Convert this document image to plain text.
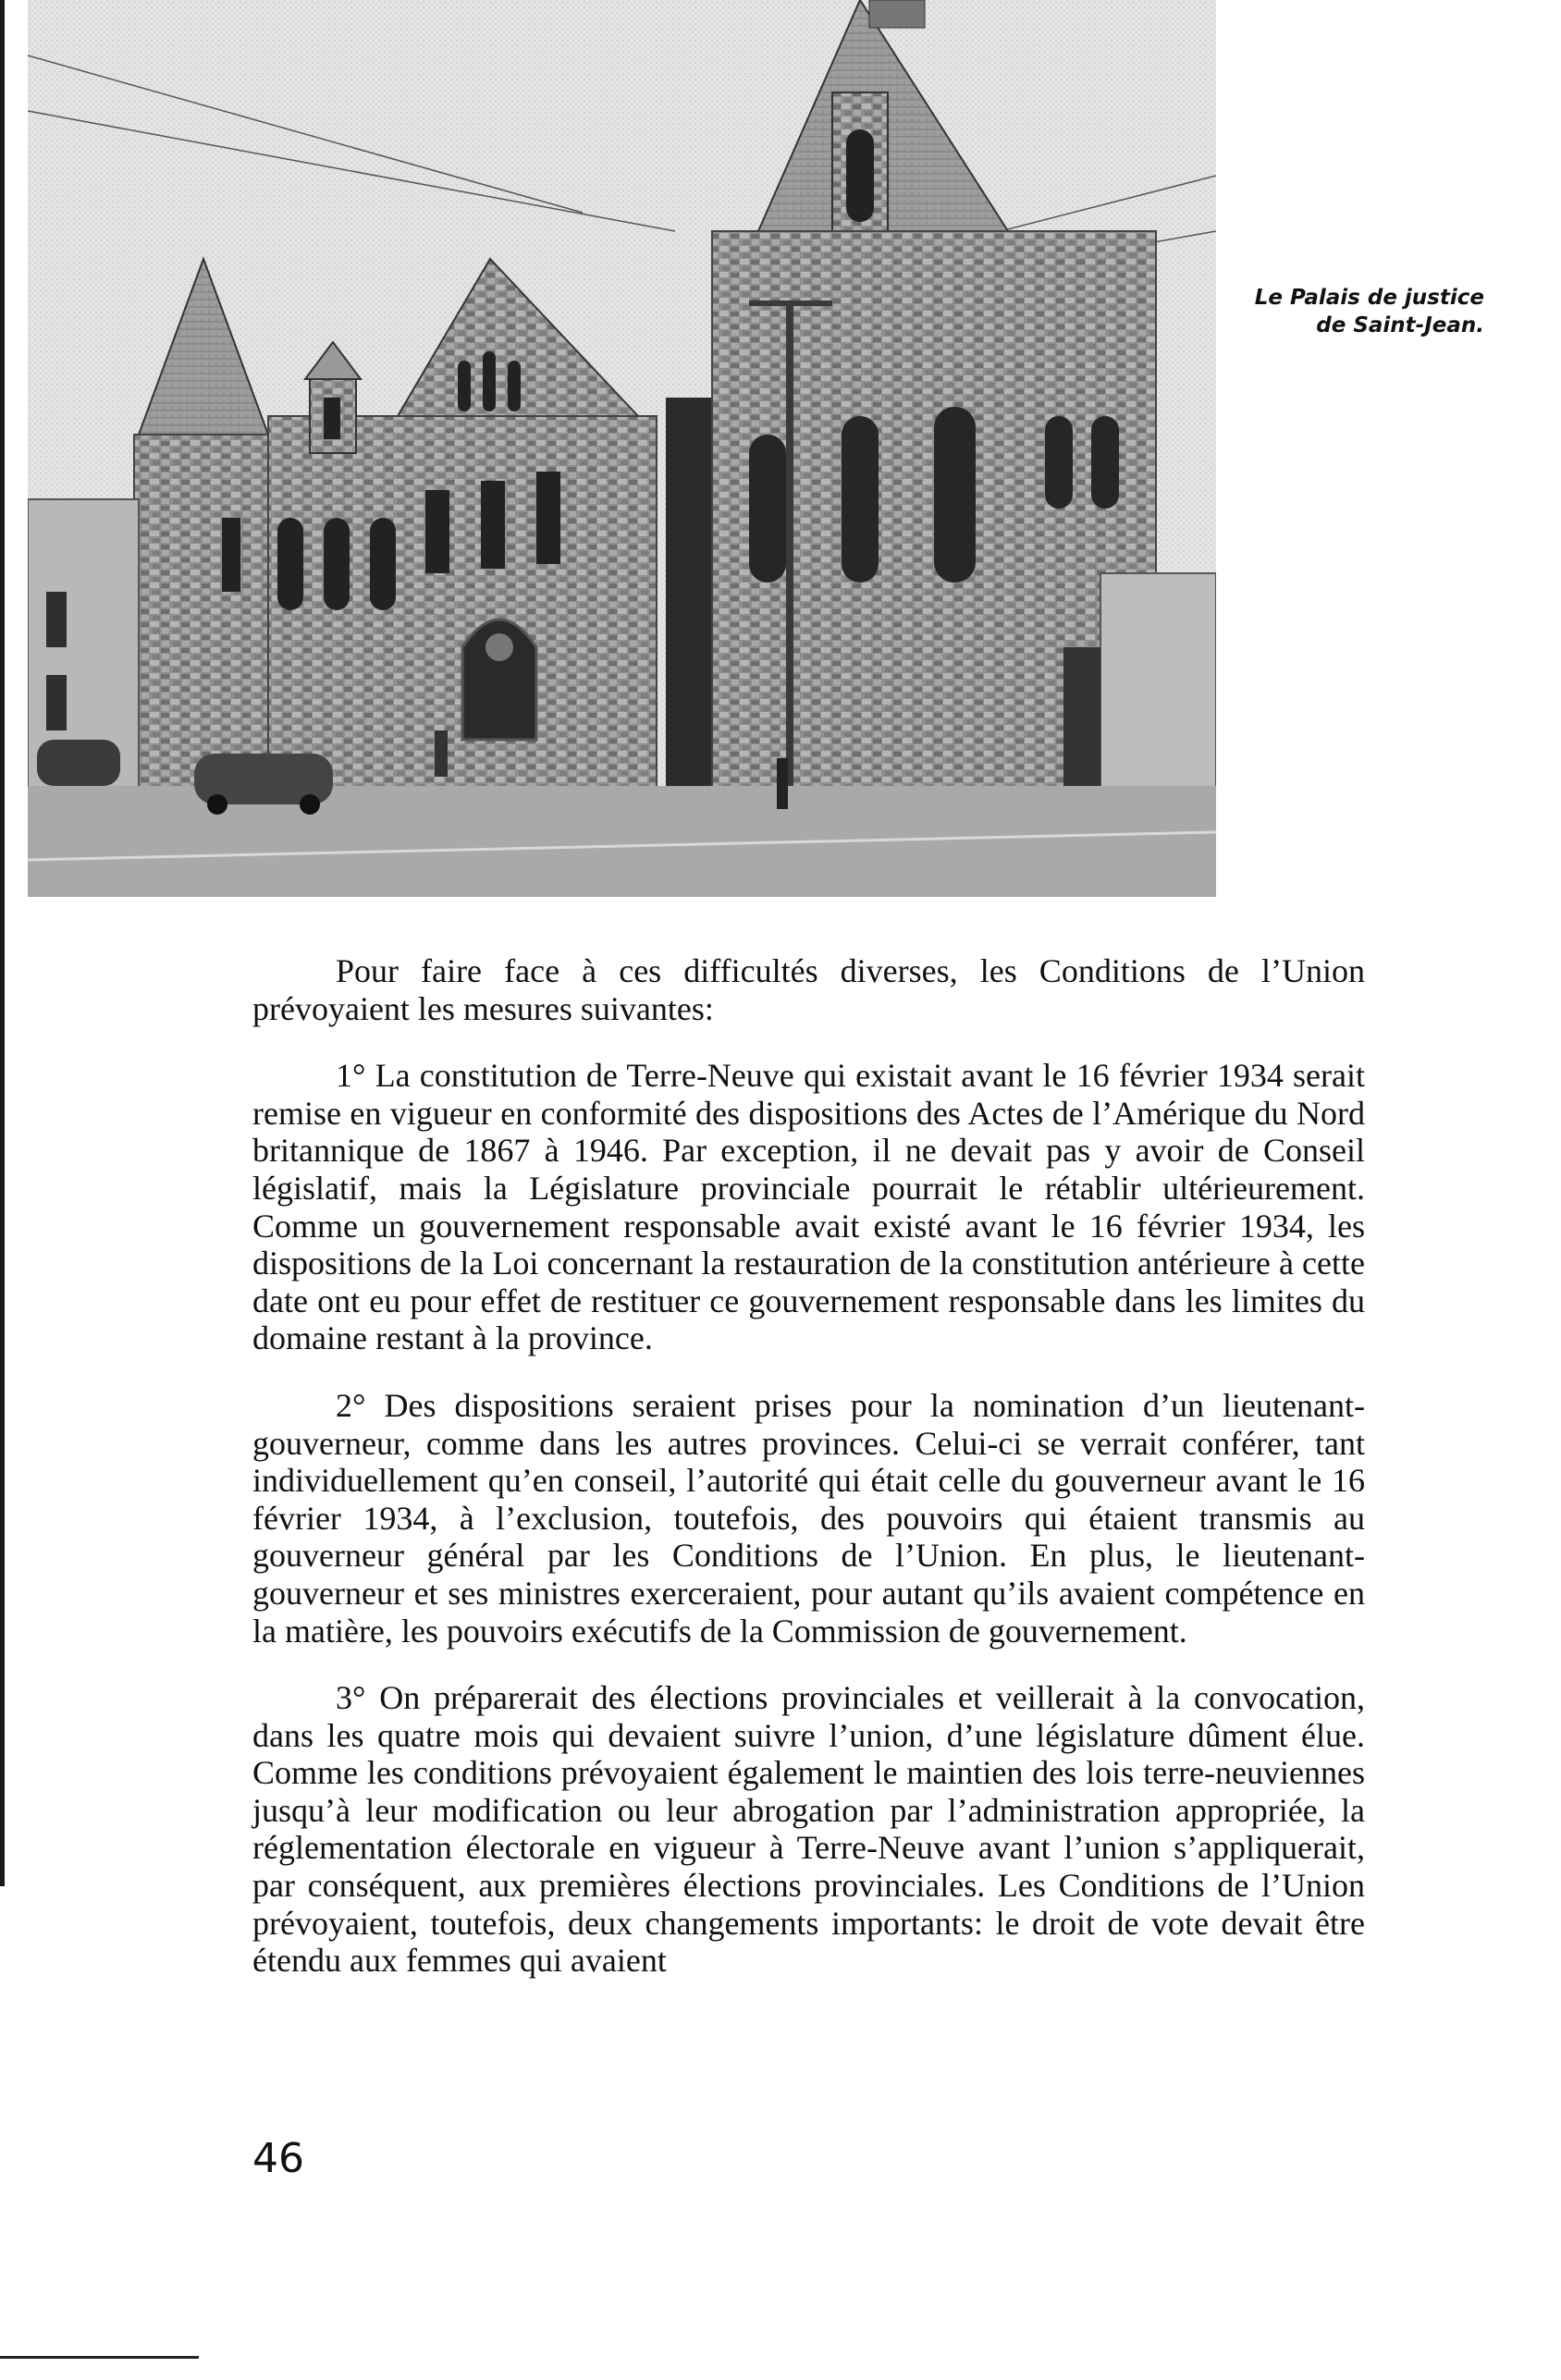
Le Palais de justice
de Saint-Jean.

Pour faire face à ces difficultés diverses, les Conditions de l’Union prévoyaient les mesures suivantes:

1° La constitution de Terre-Neuve qui existait avant le 16 février 1934 serait remise en vigueur en conformité des dispositions des Actes de l’Amérique du Nord britannique de 1867 à 1946. Par exception, il ne devait pas y avoir de Conseil législatif, mais la Législature provinciale pourrait le rétablir ultérieurement. Comme un gouvernement responsable avait existé avant le 16 février 1934, les dispositions de la Loi concernant la restauration de la constitution antérieure à cette date ont eu pour effet de restituer ce gouvernement responsable dans les limites du domaine restant à la province.

2° Des dispositions seraient prises pour la nomination d’un lieutenant-gouverneur, comme dans les autres provinces. Celui-ci se verrait conférer, tant individuellement qu’en conseil, l’autorité qui était celle du gouverneur avant le 16 février 1934, à l’exclusion, toutefois, des pouvoirs qui étaient transmis au gouverneur général par les Conditions de l’Union. En plus, le lieutenant-gouverneur et ses ministres exerceraient, pour autant qu’ils avaient compétence en la matière, les pouvoirs exécutifs de la Commission de gouvernement.

3° On préparerait des élections provinciales et veillerait à la convocation, dans les quatre mois qui devaient suivre l’union, d’une législature dûment élue. Comme les conditions prévoyaient également le maintien des lois terre-neuviennes jusqu’à leur modification ou leur abrogation par l’administration appropriée, la réglementation électorale en vigueur à Terre-Neuve avant l’union s’appliquerait, par conséquent, aux premières élections provinciales. Les Conditions de l’Union prévoyaient, toutefois, deux changements importants: le droit de vote devait être étendu aux femmes qui avaient

46
